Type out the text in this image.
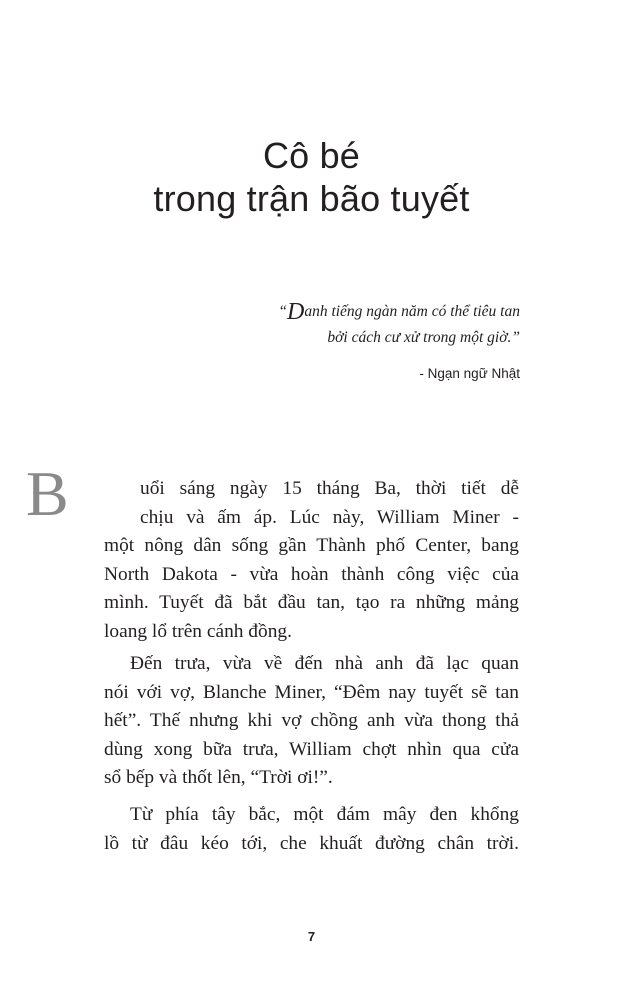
Cô bé
trong trận bão tuyết
“Danh tiếng ngàn năm có thể tiêu tan
bởi cách cư xử trong một giờ.”
- Ngạn ngữ Nhật
B	uổi sáng ngày 15 tháng Ba, thời tiết dễ
chịu và ấm áp. Lúc này, William Miner -
một nông dân sống gần Thành phố Center, bang
North Dakota - vừa hoàn thành công việc của
mình. Tuyết đã bắt đầu tan, tạo ra những mảng
loang lổ trên cánh đồng.
Đến trưa, vừa về đến nhà anh đã lạc quan
nói với vợ, Blanche Miner, “Đêm nay tuyết sẽ tan
hết”. Thế nhưng khi vợ chồng anh vừa thong thả
dùng xong bữa trưa, William chợt nhìn qua cửa
sổ bếp và thốt lên, “Trời ơi!”.
Từ phía tây bắc, một đám mây đen khổng
lồ từ đâu kéo tới, che khuất đường chân trời.
7
